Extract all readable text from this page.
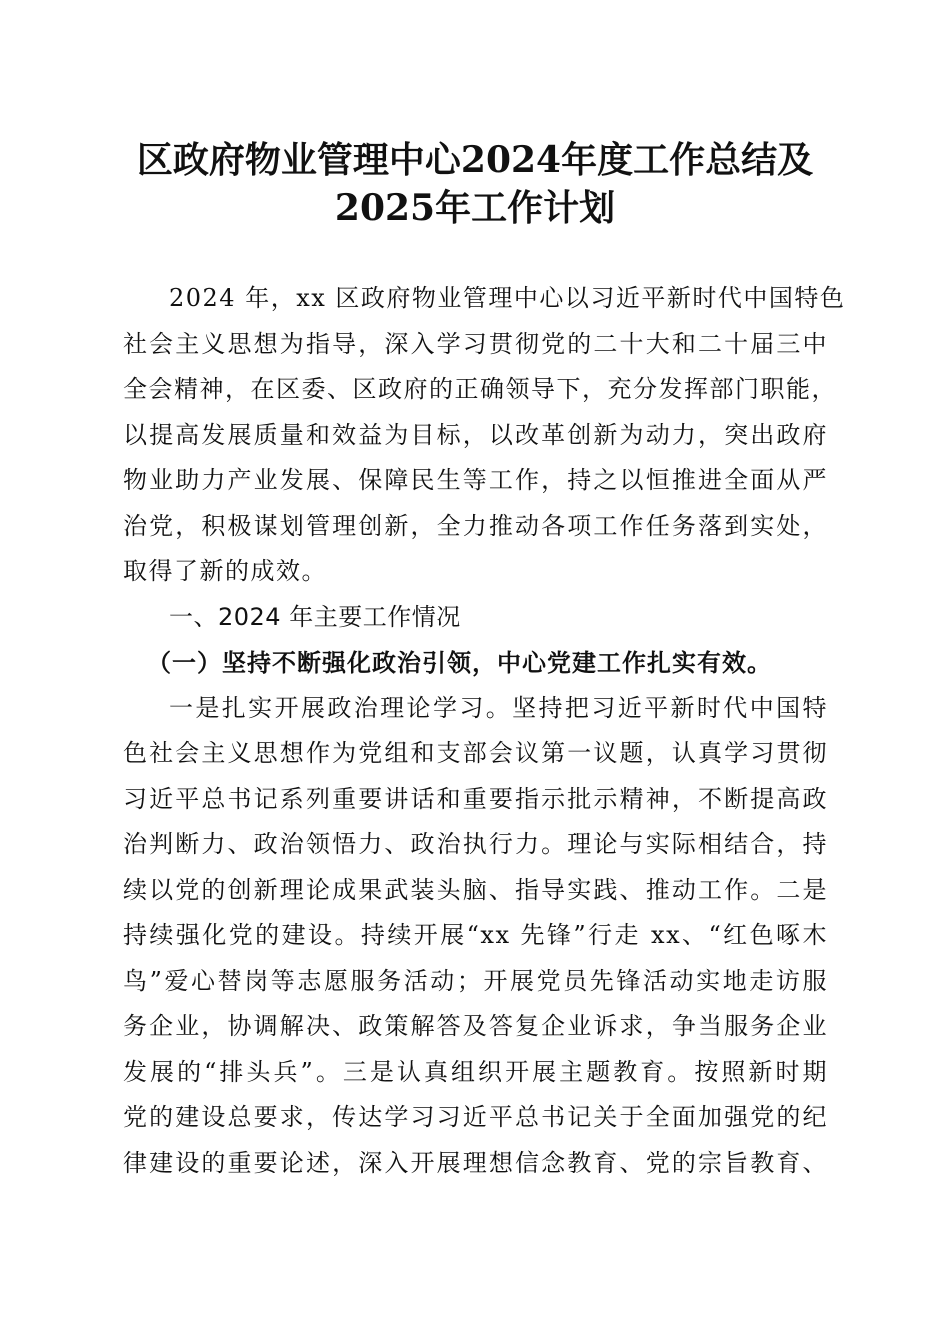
区政府物业管理中心2024年度工作总结及
2025年工作计划
2024 年，xx 区政府物业管理中心以习近平新时代中国特色
社会主义思想为指导，深入学习贯彻党的二十大和二十届三中
全会精神，在区委、区政府的正确领导下，充分发挥部门职能，
以提高发展质量和效益为目标，以改革创新为动力，突出政府
物业助力产业发展、保障民生等工作，持之以恒推进全面从严
治党，积极谋划管理创新，全力推动各项工作任务落到实处，
取得了新的成效。
一、2024 年主要工作情况
（一）坚持不断强化政治引领，中心党建工作扎实有效。
一是扎实开展政治理论学习。坚持把习近平新时代中国特
色社会主义思想作为党组和支部会议第一议题，认真学习贯彻
习近平总书记系列重要讲话和重要指示批示精神，不断提高政
治判断力、政治领悟力、政治执行力。理论与实际相结合，持
续以党的创新理论成果武装头脑、指导实践、推动工作。二是
持续强化党的建设。持续开展“xx 先锋”行走 xx、“红色啄木
鸟”爱心替岗等志愿服务活动；开展党员先锋活动实地走访服
务企业，协调解决、政策解答及答复企业诉求，争当服务企业
发展的“排头兵”。三是认真组织开展主题教育。按照新时期
党的建设总要求，传达学习习近平总书记关于全面加强党的纪
律建设的重要论述，深入开展理想信念教育、党的宗旨教育、
